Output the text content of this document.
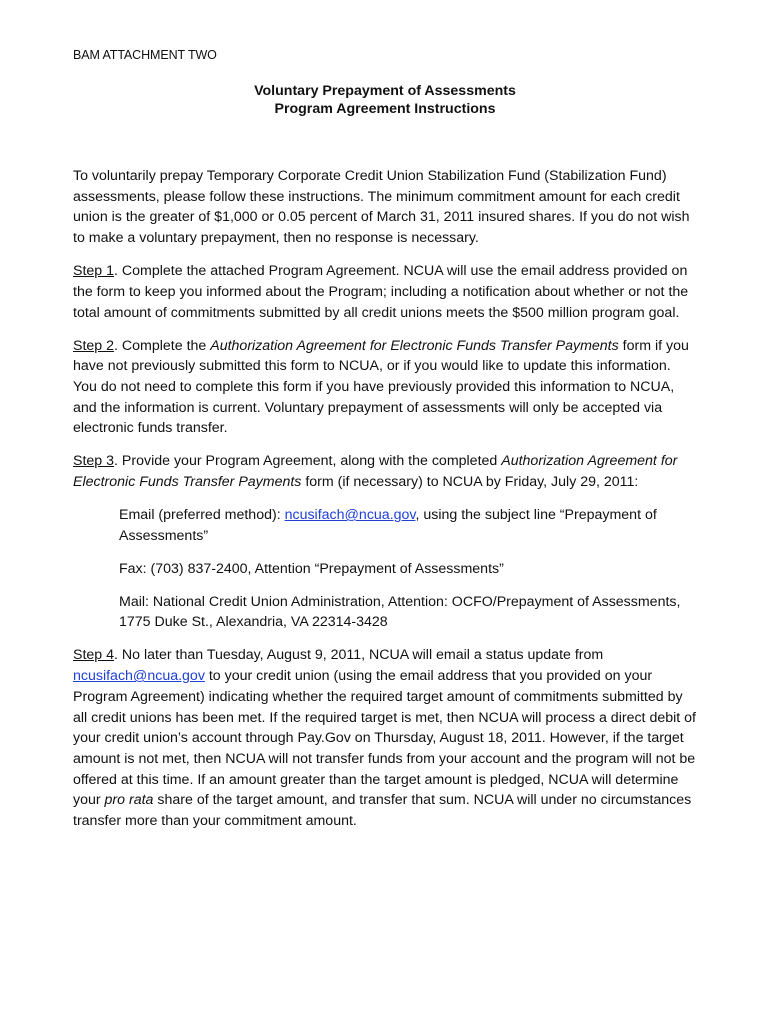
BAM ATTACHMENT TWO
Voluntary Prepayment of Assessments
Program Agreement Instructions

To voluntarily prepay Temporary Corporate Credit Union Stabilization Fund (Stabilization Fund) assessments, please follow these instructions. The minimum commitment amount for each credit union is the greater of $1,000 or 0.05 percent of March 31, 2011 insured shares. If you do not wish to make a voluntary prepayment, then no response is necessary.

Step 1. Complete the attached Program Agreement. NCUA will use the email address provided on the form to keep you informed about the Program; including a notification about whether or not the total amount of commitments submitted by all credit unions meets the $500 million program goal.

Step 2. Complete the Authorization Agreement for Electronic Funds Transfer Payments form if you have not previously submitted this form to NCUA, or if you would like to update this information. You do not need to complete this form if you have previously provided this information to NCUA, and the information is current. Voluntary prepayment of assessments will only be accepted via electronic funds transfer.

Step 3. Provide your Program Agreement, along with the completed Authorization Agreement for Electronic Funds Transfer Payments form (if necessary) to NCUA by Friday, July 29, 2011:

Email (preferred method): ncusifach@ncua.gov, using the subject line “Prepayment of Assessments”

Fax: (703) 837-2400, Attention “Prepayment of Assessments”

Mail: National Credit Union Administration, Attention: OCFO/Prepayment of Assessments, 1775 Duke St., Alexandria, VA 22314-3428

Step 4. No later than Tuesday, August 9, 2011, NCUA will email a status update from ncusifach@ncua.gov to your credit union (using the email address that you provided on your Program Agreement) indicating whether the required target amount of commitments submitted by all credit unions has been met. If the required target is met, then NCUA will process a direct debit of your credit union’s account through Pay.Gov on Thursday, August 18, 2011. However, if the target amount is not met, then NCUA will not transfer funds from your account and the program will not be offered at this time. If an amount greater than the target amount is pledged, NCUA will determine your pro rata share of the target amount, and transfer that sum. NCUA will under no circumstances transfer more than your commitment amount.
